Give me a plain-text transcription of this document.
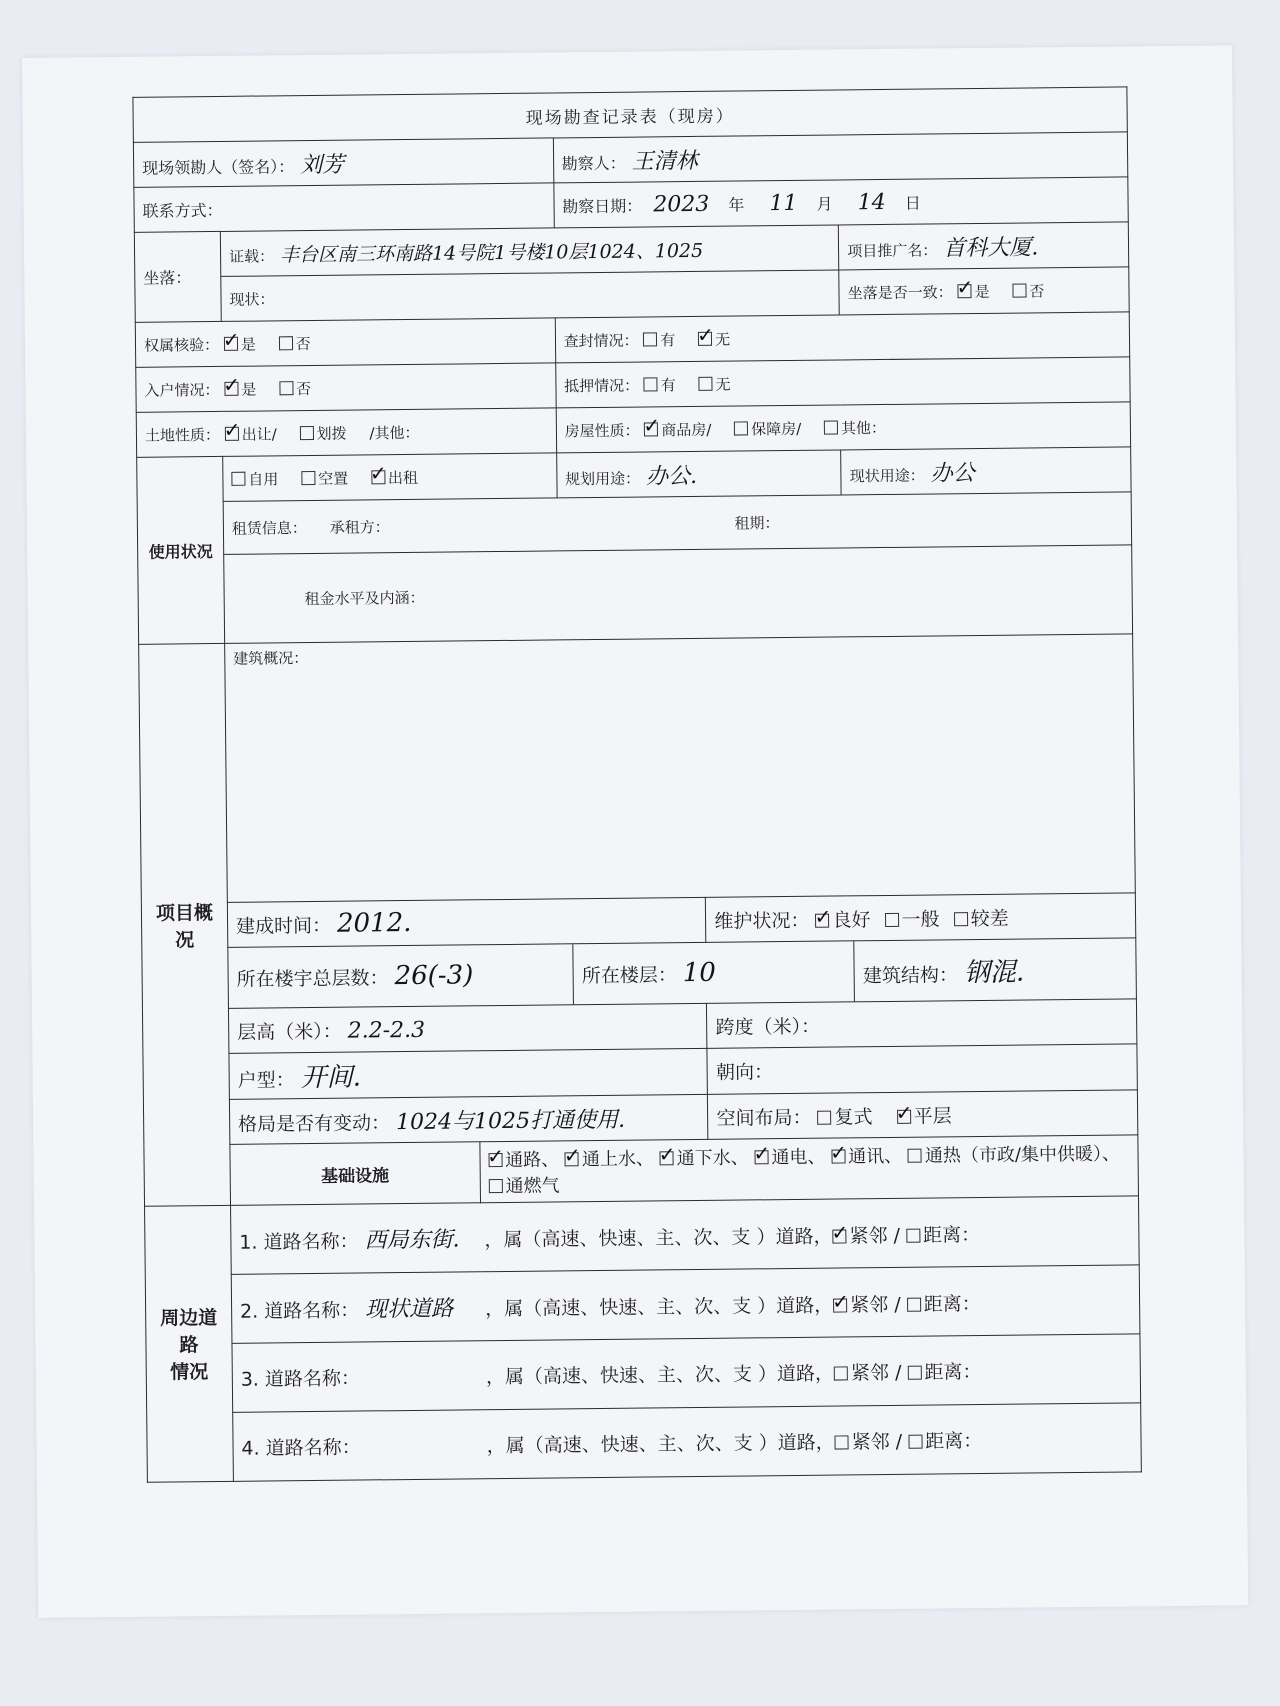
现场勘查记录表（现房）
现场领勘人（签名）： 刘芳	勘察人： 王清林
联系方式：	勘察日期： 2023 年 11 月 14 日
坐落：	证载： 丰台区南三环南路14号院1号楼10层1024、1025	项目推广名： 首科大厦.
现状：	坐落是否一致： ✓ 是	否
权属核验： ✓ 是	否	查封情况： 有 ✓	无
入户情况： ✓ 是	否	抵押情况： 有	无
土地性质： ✓ 出让/	划拨 /其他：	房屋性质： ✓ 商品房/	保障房/	其他：
使用状况	自用	空置 ✓	出租	规划用途： 办公.	现状用途： 办公
租赁信息： 承租方：	租期：
租金水平及内涵：
项目概况	建筑概况：
建成时间： 2012.	维护状况： ✓ 良好 一般 较差

所在楼宇总层数： 26(-3)	所在楼层： 10	建筑结构： 钢混.

层高（米）： 2.2-2.3	跨度（米）：
户型： 开间.	朝向：
格局是否有变动： 1024与1025打通使用.	空间布局： 复式 ✓ 平层
基础设施	✓通路、 ✓ 通上水、 ✓ 通下水、 ✓ 通电、 ✓ 通讯、 通热（市政/集中供暖）、 通燃气
周边道路
情况	1. 道路名称： 西局东街. ，属（高速、快速、主、次、支 ）道路， ✓ 紧邻 / 距离：
2. 道路名称： 现状道路 ，属（高速、快速、主、次、支 ）道路， ✓ 紧邻 / 距离：
3. 道路名称：	，属（高速、快速、主、次、支 ）道路， 紧邻 / 距离：
4. 道路名称：	，属（高速、快速、主、次、支 ）道路， 紧邻 / 距离：
